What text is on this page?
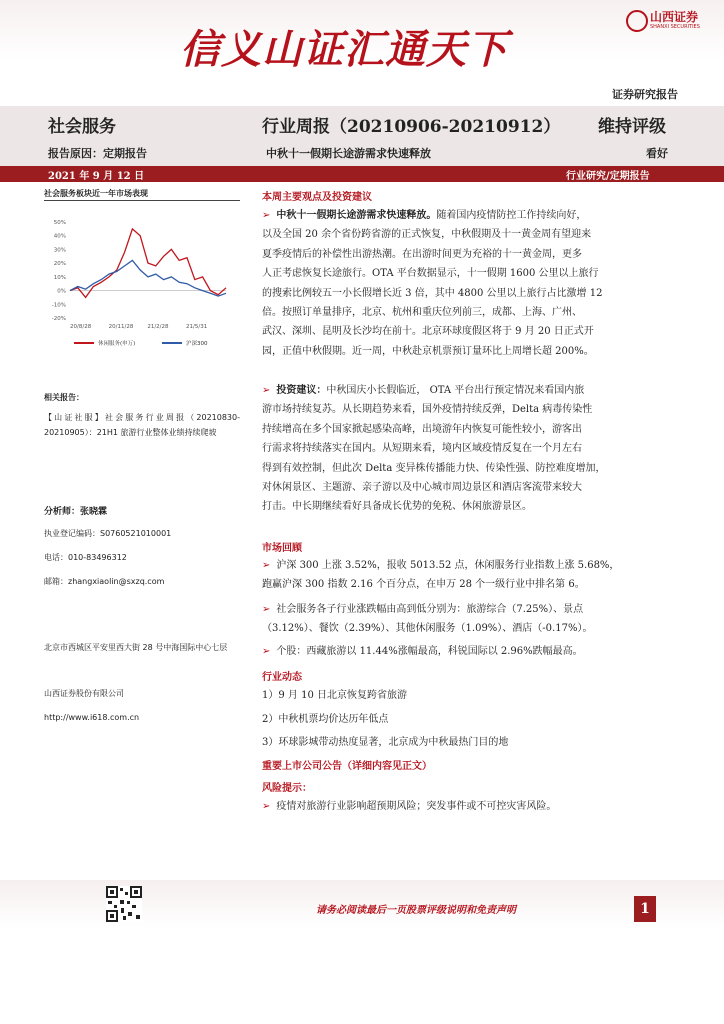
信义山证汇通天下
山西证券
SHANXI SECURITIES
证券研究报告
社会服务	行业周报（20210906-20210912） 维持评级
报告原因：定期报告	中秋十一假期长途游需求快速释放	看好
2021 年 9 月 12 日	行业研究/定期报告
社会服务板块近一年市场表现
50%
40%
30%
20%
10%
0%
-10%
-20%
20/8/28	20/11/28	21/2/28	21/5/31
休闲服务(申万)	沪深300
相关报告：
【山证社服】社会服务行业周报（20210830-20210905）：21H1 旅游行业整体业绩持续爬坡
分析师：张晓霖
执业登记编码：S0760521010001
电话：010-83496312
邮箱：zhangxiaolin@sxzq.com
北京市西城区平安里西大街 28 号中海国际中心七层
山西证券股份有限公司
http://www.i618.com.cn
本周主要观点及投资建议
➢ 中秋十一假期长途游需求快速释放。随着国内疫情防控工作持续向好，
以及全国 20 余个省份跨省游的正式恢复，中秋假期及十一黄金周有望迎来
夏季疫情后的补偿性出游热潮。在出游时间更为充裕的十一黄金周，更多
人正考虑恢复长途旅行。OTA 平台数据显示，十一假期 1600 公里以上旅行
的搜索比例较五一小长假增长近 3 倍，其中 4800 公里以上旅行占比激增 12
倍。按照订单量排序，北京、杭州和重庆位列前三，成都、上海、广州、
武汉、深圳、昆明及长沙均在前十。北京环球度假区将于 9 月 20 日正式开
园，正值中秋假期。近一周，中秋赴京机票预订量环比上周增长超 200%。
➢ 投资建议：中秋国庆小长假临近， OTA 平台出行预定情况来看国内旅
游市场持续复苏。从长期趋势来看，国外疫情持续反弹，Delta 病毒传染性
持续增高在多个国家掀起感染高峰，出境游年内恢复可能性较小，游客出
行需求将持续落实在国内。从短期来看，境内区域疫情反复在一个月左右
得到有效控制，但此次 Delta 变异株传播能力快、传染性强、防控难度增加，
对休闲景区、主题游、亲子游以及中心城市周边景区和酒店客流带来较大
打击。中长期继续看好具备成长优势的免税、休闲旅游景区。
市场回顾
➢ 沪深 300 上涨 3.52%，报收 5013.52 点，休闲服务行业指数上涨 5.68%，
跑赢沪深 300 指数 2.16 个百分点，在申万 28 个一级行业中排名第 6。
➢ 社会服务各子行业涨跌幅由高到低分别为：旅游综合（7.25%）、景点
（3.12%）、餐饮（2.39%）、其他休闲服务（1.09%）、酒店（-0.17%）。
➢ 个股：西藏旅游以 11.44%涨幅最高，科锐国际以 2.96%跌幅最高。
行业动态
1）9 月 10 日北京恢复跨省旅游
2）中秋机票均价达历年低点
3）环球影城带动热度显著，北京成为中秋最热门目的地
重要上市公司公告（详细内容见正文）
风险提示：
➢ 疫情对旅游行业影响超预期风险；突发事件或不可控灾害风险。
请务必阅读最后一页股票评级说明和免责声明	1
